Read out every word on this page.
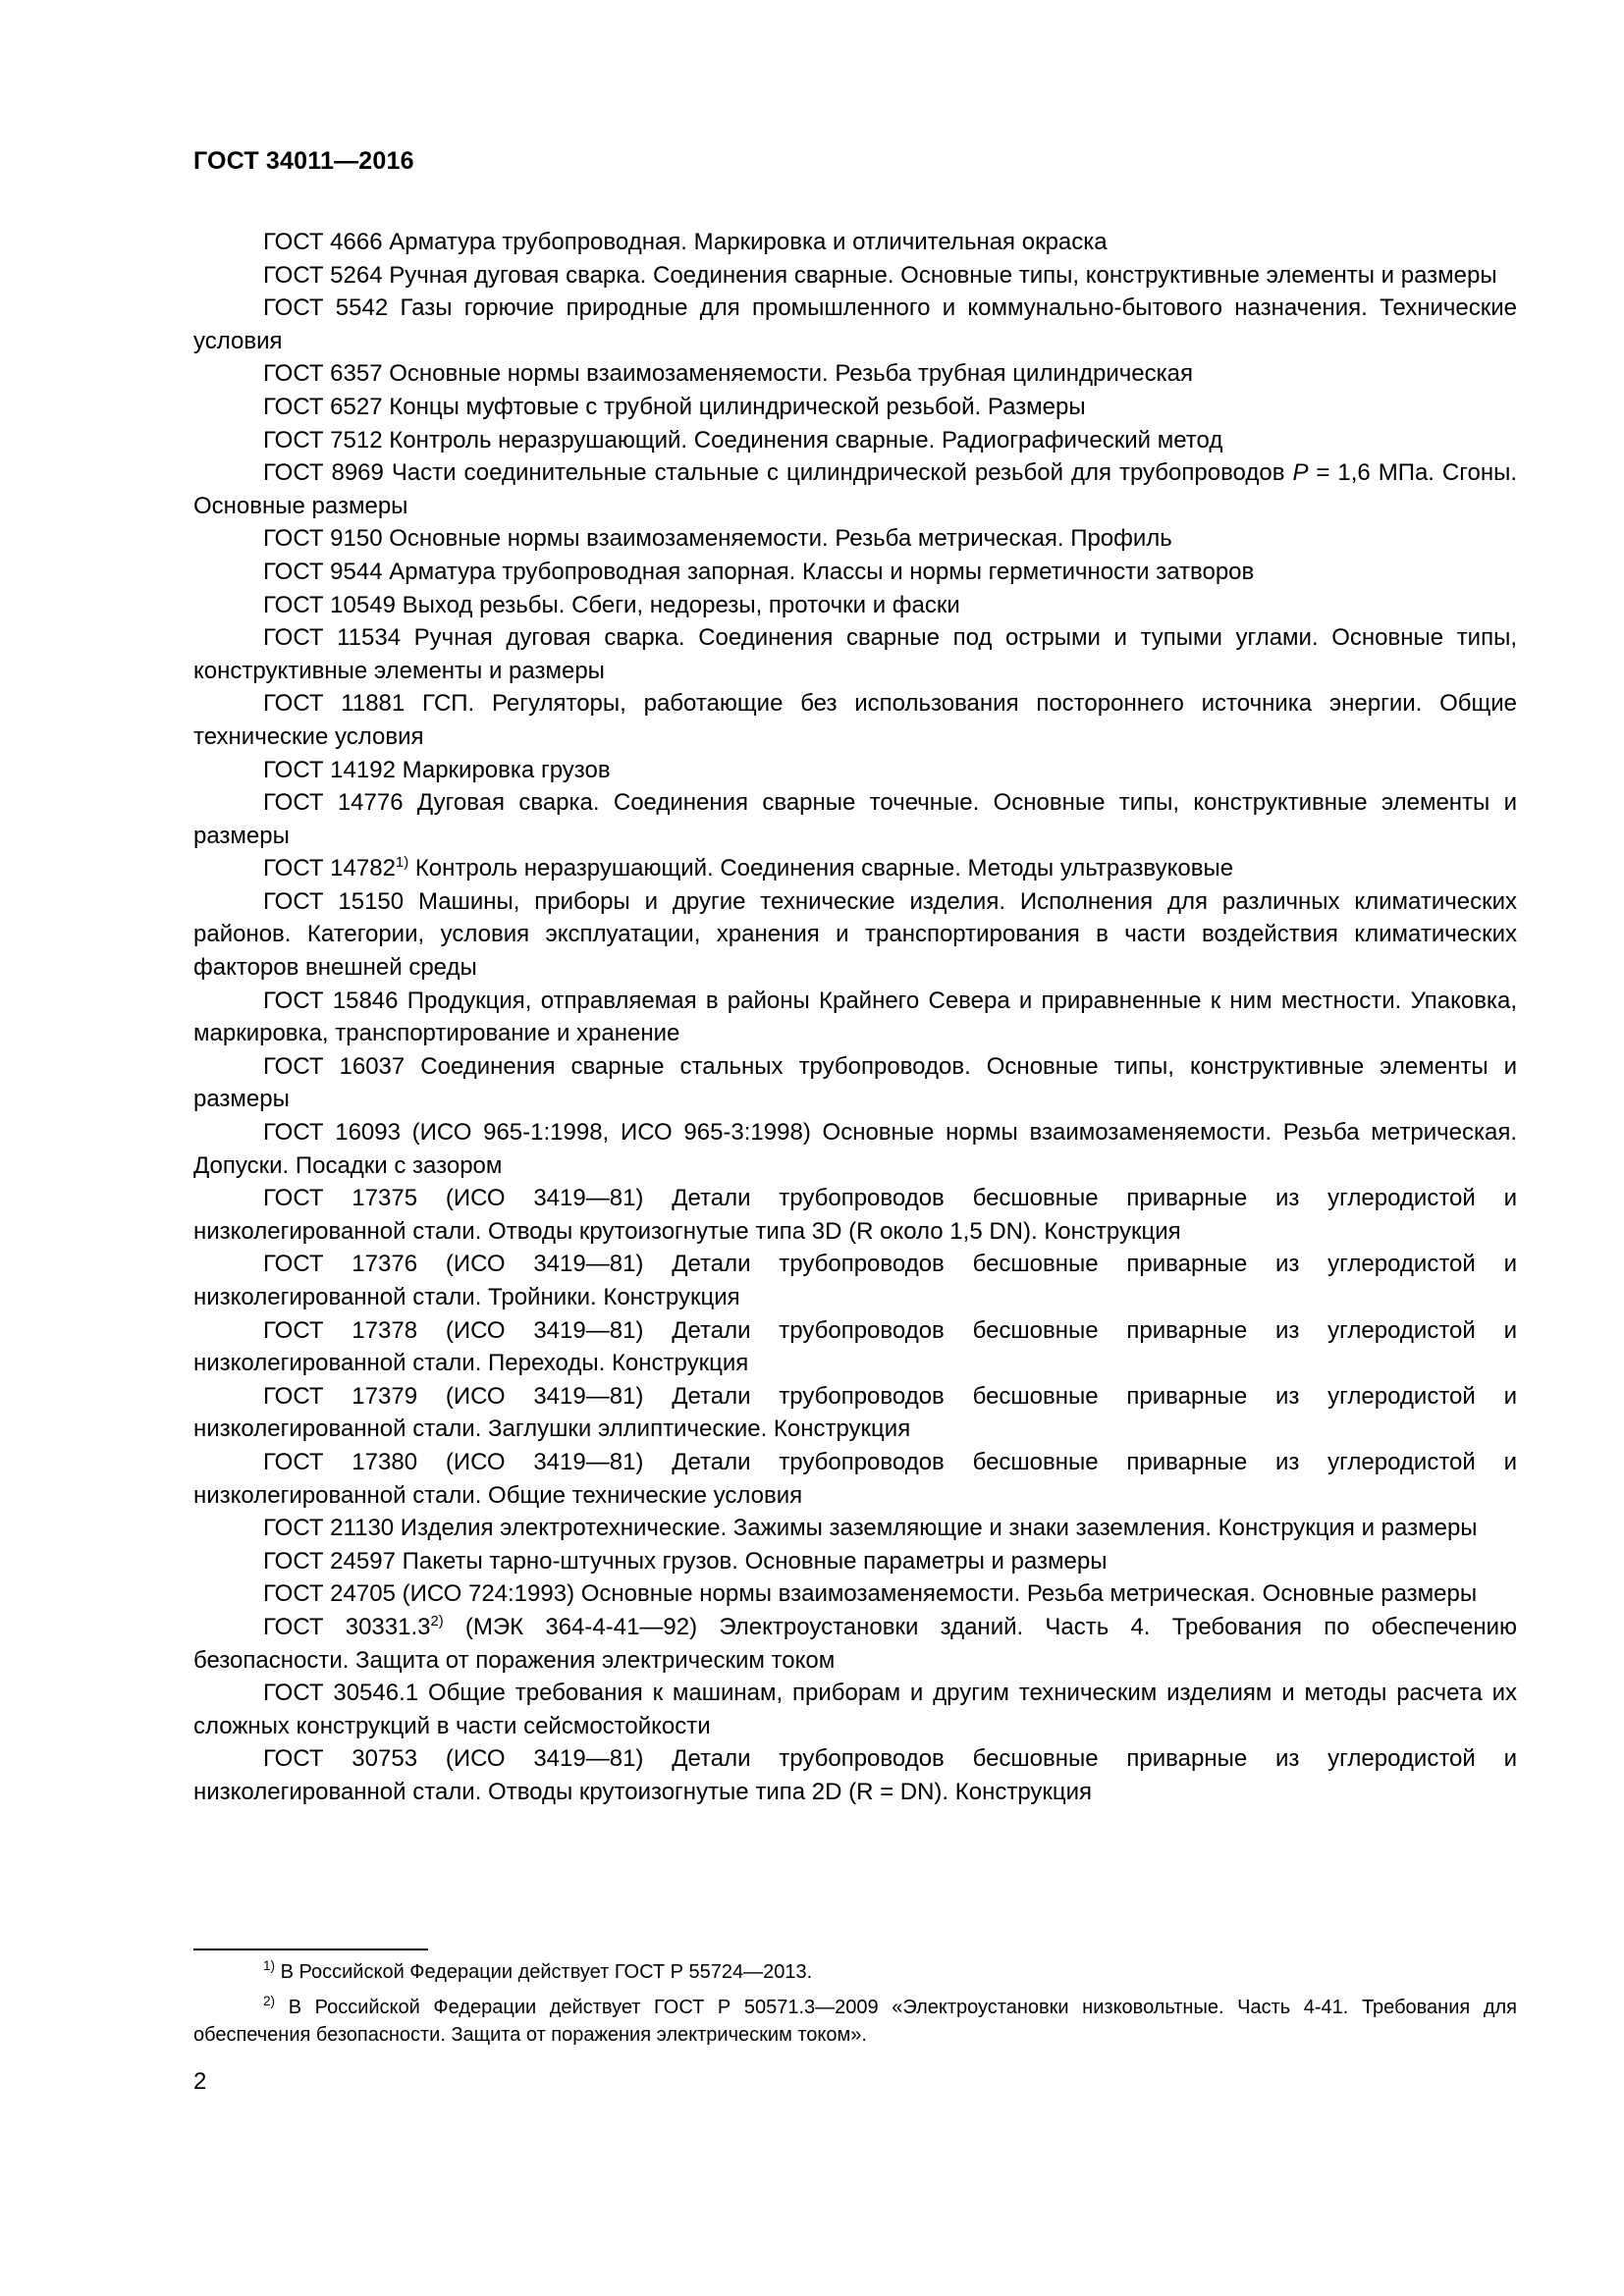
ГОСТ 34011—2016

ГОСТ 4666 Арматура трубопроводная. Маркировка и отличительная окраска

ГОСТ 5264 Ручная дуговая сварка. Соединения сварные. Основные типы, конструктивные элементы и размеры

ГОСТ 5542 Газы горючие природные для промышленного и коммунально-бытового назначения. Технические условия

ГОСТ 6357 Основные нормы взаимозаменяемости. Резьба трубная цилиндрическая

ГОСТ 6527 Концы муфтовые с трубной цилиндрической резьбой. Размеры

ГОСТ 7512 Контроль неразрушающий. Соединения сварные. Радиографический метод

ГОСТ 8969 Части соединительные стальные с цилиндрической резьбой для трубопроводов P = 1,6 МПа. Сгоны. Основные размеры

ГОСТ 9150 Основные нормы взаимозаменяемости. Резьба метрическая. Профиль

ГОСТ 9544 Арматура трубопроводная запорная. Классы и нормы герметичности затворов

ГОСТ 10549 Выход резьбы. Сбеги, недорезы, проточки и фаски

ГОСТ 11534 Ручная дуговая сварка. Соединения сварные под острыми и тупыми углами. Основные типы, конструктивные элементы и размеры

ГОСТ 11881 ГСП. Регуляторы, работающие без использования постороннего источника энергии. Общие технические условия

ГОСТ 14192 Маркировка грузов

ГОСТ 14776 Дуговая сварка. Соединения сварные точечные. Основные типы, конструктивные элементы и размеры

ГОСТ 14782$^{1)}$ Контроль неразрушающий. Соединения сварные. Методы ультразвуковые

ГОСТ 15150 Машины, приборы и другие технические изделия. Исполнения для различных климатических районов. Категории, условия эксплуатации, хранения и транспортирования в части воздействия климатических факторов внешней среды

ГОСТ 15846 Продукция, отправляемая в районы Крайнего Севера и приравненные к ним местности. Упаковка, маркировка, транспортирование и хранение

ГОСТ 16037 Соединения сварные стальных трубопроводов. Основные типы, конструктивные элементы и размеры

ГОСТ 16093 (ИСО 965-1:1998, ИСО 965-3:1998) Основные нормы взаимозаменяемости. Резьба метрическая. Допуски. Посадки с зазором

ГОСТ 17375 (ИСО 3419—81) Детали трубопроводов бесшовные приварные из углеродистой и низколегированной стали. Отводы крутоизогнутые типа 3D (R около 1,5 DN). Конструкция

ГОСТ 17376 (ИСО 3419—81) Детали трубопроводов бесшовные приварные из углеродистой и низколегированной стали. Тройники. Конструкция

ГОСТ 17378 (ИСО 3419—81) Детали трубопроводов бесшовные приварные из углеродистой и низколегированной стали. Переходы. Конструкция

ГОСТ 17379 (ИСО 3419—81) Детали трубопроводов бесшовные приварные из углеродистой и низколегированной стали. Заглушки эллиптические. Конструкция

ГОСТ 17380 (ИСО 3419—81) Детали трубопроводов бесшовные приварные из углеродистой и низколегированной стали. Общие технические условия

ГОСТ 21130 Изделия электротехнические. Зажимы заземляющие и знаки заземления. Конструкция и размеры

ГОСТ 24597 Пакеты тарно-штучных грузов. Основные параметры и размеры

ГОСТ 24705 (ИСО 724:1993) Основные нормы взаимозаменяемости. Резьба метрическая. Основные размеры

ГОСТ 30331.3$^{2)}$ (МЭК 364-4-41—92) Электроустановки зданий. Часть 4. Требования по обеспечению безопасности. Защита от поражения электрическим током

ГОСТ 30546.1 Общие требования к машинам, приборам и другим техническим изделиям и методы расчета их сложных конструкций в части сейсмостойкости

ГОСТ 30753 (ИСО 3419—81) Детали трубопроводов бесшовные приварные из углеродистой и низколегированной стали. Отводы крутоизогнутые типа 2D (R = DN). Конструкция

$^{1)}$ В Российской Федерации действует ГОСТ Р 55724—2013.

$^{2)}$ В Российской Федерации действует ГОСТ Р 50571.3—2009 «Электроустановки низковольтные. Часть 4-41. Требования для обеспечения безопасности. Защита от поражения электрическим током».

2
